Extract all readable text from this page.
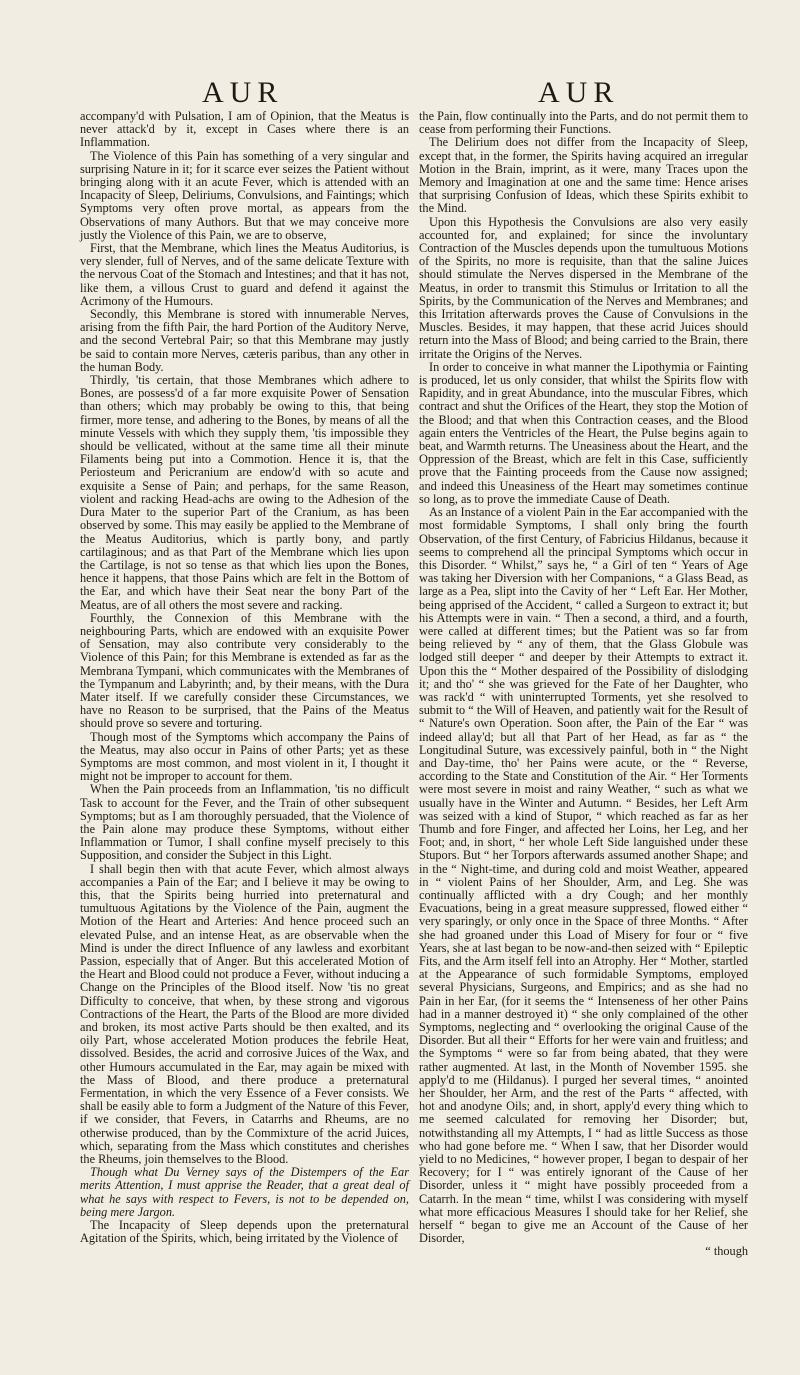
AUR	AUR

accompany'd with Pulsation, I am of Opinion, that the Meatus is never attack'd by it, except in Cases where there is an Inflammation.

The Violence of this Pain has something of a very singular and surprising Nature in it; for it scarce ever seizes the Patient without bringing along with it an acute Fever, which is attended with an Incapacity of Sleep, Deliriums, Convulsions, and Faintings; which Symptoms very often prove mortal, as appears from the Observations of many Authors. But that we may conceive more justly the Violence of this Pain, we are to observe,

First, that the Membrane, which lines the Meatus Auditorius, is very slender, full of Nerves, and of the same delicate Texture with the nervous Coat of the Stomach and Intestines; and that it has not, like them, a villous Crust to guard and defend it against the Acrimony of the Humours.

Secondly, this Membrane is stored with innumerable Nerves, arising from the fifth Pair, the hard Portion of the Auditory Nerve, and the second Vertebral Pair; so that this Membrane may justly be said to contain more Nerves, cæteris paribus, than any other in the human Body.

Thirdly, 'tis certain, that those Membranes which adhere to Bones, are possess'd of a far more exquisite Power of Sensation than others; which may probably be owing to this, that being firmer, more tense, and adhering to the Bones, by means of all the minute Vessels with which they supply them, 'tis impossible they should be vellicated, without at the same time all their minute Filaments being put into a Commotion. Hence it is, that the Periosteum and Pericranium are endow'd with so acute and exquisite a Sense of Pain; and perhaps, for the same Reason, violent and racking Head-achs are owing to the Adhesion of the Dura Mater to the superior Part of the Cranium, as has been observed by some. This may easily be applied to the Membrane of the Meatus Auditorius, which is partly bony, and partly cartilaginous; and as that Part of the Membrane which lies upon the Cartilage, is not so tense as that which lies upon the Bones, hence it happens, that those Pains which are felt in the Bottom of the Ear, and which have their Seat near the bony Part of the Meatus, are of all others the most severe and racking.

Fourthly, the Connexion of this Membrane with the neighbouring Parts, which are endowed with an exquisite Power of Sensation, may also contribute very considerably to the Violence of this Pain; for this Membrane is extended as far as the Membrana Tympani, which communicates with the Membranes of the Tympanum and Labyrinth; and, by their means, with the Dura Mater itself. If we carefully consider these Circumstances, we have no Reason to be surprised, that the Pains of the Meatus should prove so severe and torturing.

Though most of the Symptoms which accompany the Pains of the Meatus, may also occur in Pains of other Parts; yet as these Symptoms are most common, and most violent in it, I thought it might not be improper to account for them.

When the Pain proceeds from an Inflammation, 'tis no difficult Task to account for the Fever, and the Train of other subsequent Symptoms; but as I am thoroughly persuaded, that the Violence of the Pain alone may produce these Symptoms, without either Inflammation or Tumor, I shall confine myself precisely to this Supposition, and consider the Subject in this Light.

I shall begin then with that acute Fever, which almost always accompanies a Pain of the Ear; and I believe it may be owing to this, that the Spirits being hurried into preternatural and tumultuous Agitations by the Violence of the Pain, augment the Motion of the Heart and Arteries: And hence proceed such an elevated Pulse, and an intense Heat, as are observable when the Mind is under the direct Influence of any lawless and exorbitant Passion, especially that of Anger. But this accelerated Motion of the Heart and Blood could not produce a Fever, without inducing a Change on the Principles of the Blood itself. Now 'tis no great Difficulty to conceive, that when, by these strong and vigorous Contractions of the Heart, the Parts of the Blood are more divided and broken, its most active Parts should be then exalted, and its oily Part, whose accelerated Motion produces the febrile Heat, dissolved. Besides, the acrid and corrosive Juices of the Wax, and other Humours accumulated in the Ear, may again be mixed with the Mass of Blood, and there produce a preternatural Fermentation, in which the very Essence of a Fever consists. We shall be easily able to form a Judgment of the Nature of this Fever, if we consider, that Fevers, in Catarrhs and Rheums, are no otherwise produced, than by the Commixture of the acrid Juices, which, separating from the Mass which constitutes and cherishes the Rheums, join themselves to the Blood.

Though what Du Verney says of the Distempers of the Ear merits Attention, I must apprise the Reader, that a great deal of what he says with respect to Fevers, is not to be depended on, being mere Jargon.

The Incapacity of Sleep depends upon the preternatural Agitation of the Spirits, which, being irritated by the Violence of

the Pain, flow continually into the Parts, and do not permit them to cease from performing their Functions.

The Delirium does not differ from the Incapacity of Sleep, except that, in the former, the Spirits having acquired an irregular Motion in the Brain, imprint, as it were, many Traces upon the Memory and Imagination at one and the same time: Hence arises that surprising Confusion of Ideas, which these Spirits exhibit to the Mind.

Upon this Hypothesis the Convulsions are also very easily accounted for, and explained; for since the involuntary Contraction of the Muscles depends upon the tumultuous Motions of the Spirits, no more is requisite, than that the saline Juices should stimulate the Nerves dispersed in the Membrane of the Meatus, in order to transmit this Stimulus or Irritation to all the Spirits, by the Communication of the Nerves and Membranes; and this Irritation afterwards proves the Cause of Convulsions in the Muscles. Besides, it may happen, that these acrid Juices should return into the Mass of Blood; and being carried to the Brain, there irritate the Origins of the Nerves.

In order to conceive in what manner the Lipothymia or Fainting is produced, let us only consider, that whilst the Spirits flow with Rapidity, and in great Abundance, into the muscular Fibres, which contract and shut the Orifices of the Heart, they stop the Motion of the Blood; and that when this Contraction ceases, and the Blood again enters the Ventricles of the Heart, the Pulse begins again to beat, and Warmth returns. The Uneasiness about the Heart, and the Oppression of the Breast, which are felt in this Case, sufficiently prove that the Fainting proceeds from the Cause now assigned; and indeed this Uneasiness of the Heart may sometimes continue so long, as to prove the immediate Cause of Death.

As an Instance of a violent Pain in the Ear accompanied with the most formidable Symptoms, I shall only bring the fourth Observation, of the first Century, of Fabricius Hildanus, because it seems to comprehend all the principal Symptoms which occur in this Disorder. “ Whilst,” says he, “ a Girl of ten “ Years of Age was taking her Diversion with her Companions, “ a Glass Bead, as large as a Pea, slipt into the Cavity of her “ Left Ear. Her Mother, being apprised of the Accident, “ called a Surgeon to extract it; but his Attempts were in vain. “ Then a second, a third, and a fourth, were called at different times; but the Patient was so far from being relieved by “ any of them, that the Glass Globule was lodged still deeper “ and deeper by their Attempts to extract it. Upon this the “ Mother despaired of the Possibility of dislodging it; and tho' “ she was grieved for the Fate of her Daughter, who was rack'd “ with uninterrupted Torments, yet she resolved to submit to “ the Will of Heaven, and patiently wait for the Result of “ Nature's own Operation. Soon after, the Pain of the Ear “ was indeed allay'd; but all that Part of her Head, as far as “ the Longitudinal Suture, was excessively painful, both in “ the Night and Day-time, tho' her Pains were acute, or the “ Reverse, according to the State and Constitution of the Air. “ Her Torments were most severe in moist and rainy Weather, “ such as what we usually have in the Winter and Autumn. “ Besides, her Left Arm was seized with a kind of Stupor, “ which reached as far as her Thumb and fore Finger, and affected her Loins, her Leg, and her Foot; and, in short, “ her whole Left Side languished under these Stupors. But “ her Torpors afterwards assumed another Shape; and in the “ Night-time, and during cold and moist Weather, appeared in “ violent Pains of her Shoulder, Arm, and Leg. She was continually afflicted with a dry Cough; and her monthly Evacuations, being in a great measure suppressed, flowed either “ very sparingly, or only once in the Space of three Months. “ After she had groaned under this Load of Misery for four or “ five Years, she at last began to be now-and-then seized with “ Epileptic Fits, and the Arm itself fell into an Atrophy. Her “ Mother, startled at the Appearance of such formidable Symptoms, employed several Physicians, Surgeons, and Empirics; and as she had no Pain in her Ear, (for it seems the “ Intenseness of her other Pains had in a manner destroyed it) “ she only complained of the other Symptoms, neglecting and “ overlooking the original Cause of the Disorder. But all their “ Efforts for her were vain and fruitless; and the Symptoms “ were so far from being abated, that they were rather augmented. At last, in the Month of November 1595. she apply'd to me (Hildanus). I purged her several times, “ anointed her Shoulder, her Arm, and the rest of the Parts “ affected, with hot and anodyne Oils; and, in short, apply'd every thing which to me seemed calculated for removing her Disorder; but, notwithstanding all my Attempts, I “ had as little Success as those who had gone before me. “ When I saw, that her Disorder would yield to no Medicines, “ however proper, I began to despair of her Recovery; for I “ was entirely ignorant of the Cause of her Disorder, unless it “ might have possibly proceeded from a Catarrh. In the mean “ time, whilst I was considering with myself what more efficacious Measures I should take for her Relief, she herself “ began to give me an Account of the Cause of her Disorder,

“ though
